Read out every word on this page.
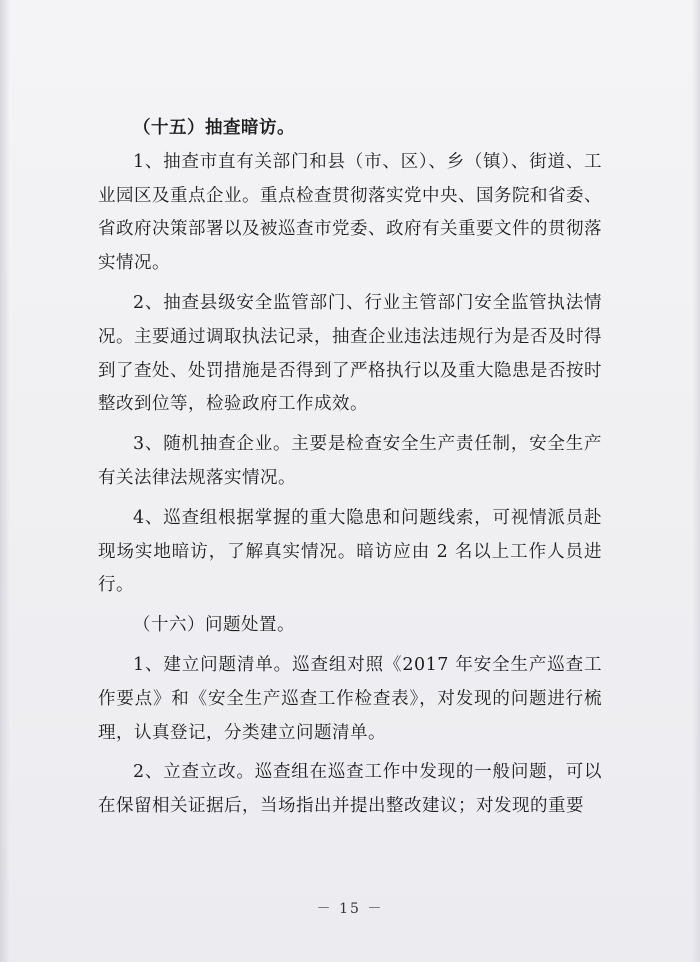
（十五）抽查暗访。

1、抽查市直有关部门和县（市、区）、乡（镇）、街道、工业园区及重点企业。重点检查贯彻落实党中央、国务院和省委、省政府决策部署以及被巡查市党委、政府有关重要文件的贯彻落实情况。

2、抽查县级安全监管部门、行业主管部门安全监管执法情况。主要通过调取执法记录，抽查企业违法违规行为是否及时得到了查处、处罚措施是否得到了严格执行以及重大隐患是否按时整改到位等，检验政府工作成效。

3、随机抽查企业。主要是检查安全生产责任制，安全生产有关法律法规落实情况。

4、巡查组根据掌握的重大隐患和问题线索，可视情派员赴现场实地暗访，了解真实情况。暗访应由 2 名以上工作人员进行。

（十六）问题处置。

1、建立问题清单。巡查组对照《2017 年安全生产巡查工作要点》和《安全生产巡查工作检查表》，对发现的问题进行梳理，认真登记，分类建立问题清单。

2、立查立改。巡查组在巡查工作中发现的一般问题，可以在保留相关证据后，当场指出并提出整改建议；对发现的重要

－ 15 －
